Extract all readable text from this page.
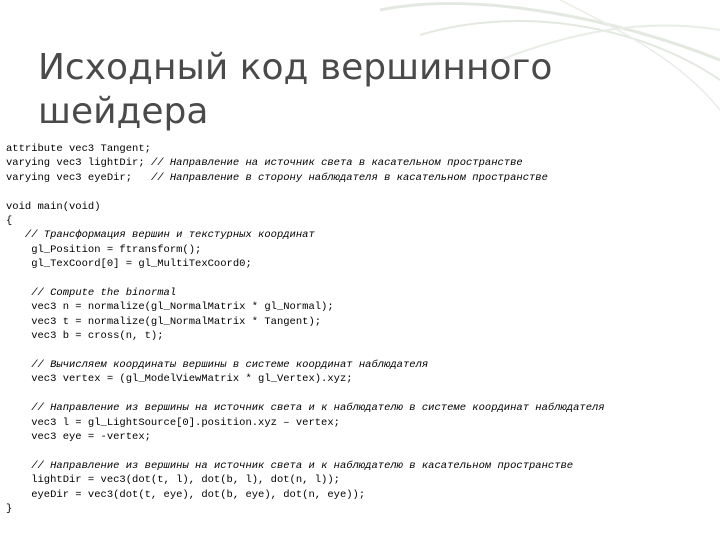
Исходный код вершинного
шейдера
attribute vec3 Tangent;
varying vec3 lightDir; // Направление на источник света в касательном пространстве
varying vec3 eyeDir;   // Направление в сторону наблюдателя в касательном пространстве
void main(void)
{
// Трансформация вершин и текстурных координат
gl_Position = ftransform();
gl_TexCoord[0] = gl_MultiTexCoord0;
// Compute the binormal
vec3 n = normalize(gl_NormalMatrix * gl_Normal);
vec3 t = normalize(gl_NormalMatrix * Tangent);
vec3 b = cross(n, t);
// Вычисляем координаты вершины в системе координат наблюдателя
vec3 vertex = (gl_ModelViewMatrix * gl_Vertex).xyz;
// Направление из вершины на источник света и к наблюдателю в системе координат наблюдателя
vec3 l = gl_LightSource[0].position.xyz – vertex;
vec3 eye = -vertex;
// Направление из вершины на источник света и к наблюдателю в касательном пространстве
lightDir = vec3(dot(t, l), dot(b, l), dot(n, l));
eyeDir = vec3(dot(t, eye), dot(b, eye), dot(n, eye));
}
